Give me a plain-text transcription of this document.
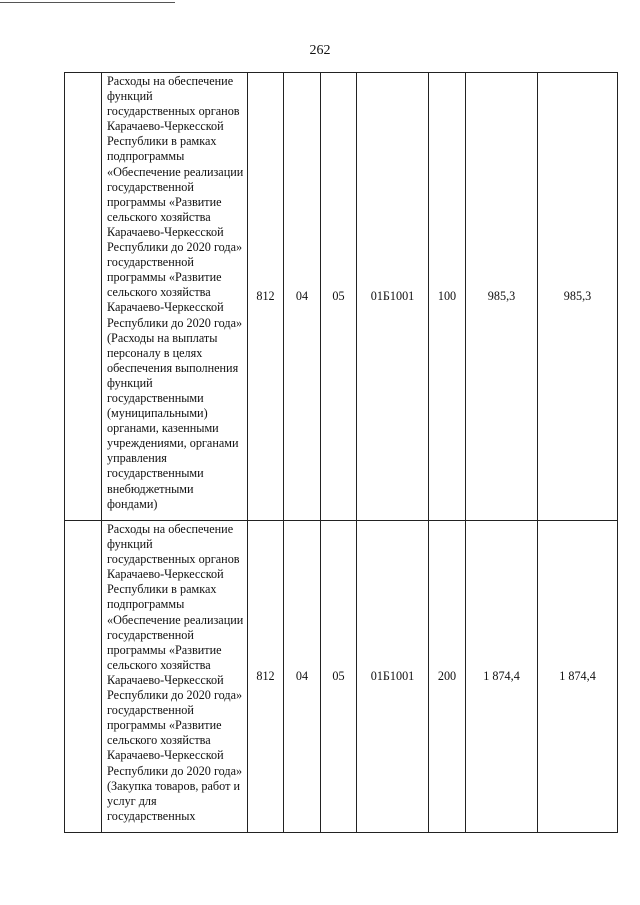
262
	Расходы на обеспечение функций государственных органов Карачаево-Черкесской Республики в рамках подпрограммы «Обеспечение реализации государственной программы «Развитие сельского хозяйства Карачаево-Черкесской Республики до 2020 года» государственной программы «Развитие сельского хозяйства Карачаево-Черкесской Республики до 2020 года» (Расходы на выплаты персоналу в целях обеспечения выполнения функций государственными (муниципальными) органами, казенными учреждениями, органами управления государственными внебюджетными фондами)	812	04	05	01Б1001	100	985,3	985,3
	Расходы на обеспечение функций государственных органов Карачаево-Черкесской Республики в рамках подпрограммы «Обеспечение реализации государственной программы «Развитие сельского хозяйства Карачаево-Черкесской Республики до 2020 года» государственной программы «Развитие сельского хозяйства Карачаево-Черкесской Республики до 2020 года» (Закупка товаров, работ и услуг для государственных	812	04	05	01Б1001	200	1 874,4	1 874,4
